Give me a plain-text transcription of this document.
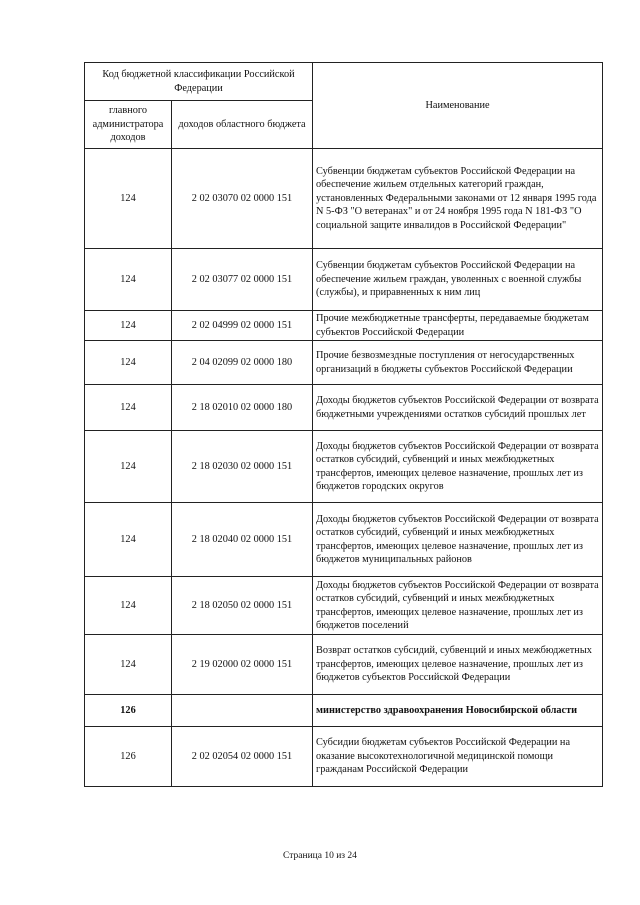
Код бюджетной классификации Российской Федерации		Наименование
главного администратора доходов	доходов областного бюджета	
124	2 02 03070 02 0000 151	Субвенции бюджетам субъектов Российской Федерации на обеспечение жильем отдельных категорий граждан, установленных Федеральными законами от 12 января 1995 года N 5-ФЗ "О ветеранах" и от 24 ноября 1995 года N 181-ФЗ "О социальной защите инвалидов в Российской Федерации"
124	2 02 03077 02 0000 151	Субвенции бюджетам субъектов Российской Федерации на обеспечение жильем граждан, уволенных с военной службы (службы), и приравненных к ним лиц
124	2 02 04999 02 0000 151	Прочие межбюджетные трансферты, передаваемые бюджетам субъектов Российской Федерации
124	2 04 02099 02 0000 180	Прочие безвозмездные поступления от негосударственных организаций в бюджеты субъектов Российской Федерации
124	2 18 02010 02 0000 180	Доходы бюджетов субъектов Российской Федерации от возврата бюджетными учреждениями остатков субсидий прошлых лет
124	2 18 02030 02 0000 151	Доходы бюджетов субъектов Российской Федерации от возврата остатков субсидий, субвенций и иных межбюджетных трансфертов, имеющих целевое назначение, прошлых лет из бюджетов городских округов
124	2 18 02040 02 0000 151	Доходы бюджетов субъектов Российской Федерации от возврата остатков субсидий, субвенций и иных межбюджетных трансфертов, имеющих целевое назначение, прошлых лет из бюджетов муниципальных районов
124	2 18 02050 02 0000 151	Доходы бюджетов субъектов Российской Федерации от возврата остатков субсидий, субвенций и иных межбюджетных трансфертов, имеющих целевое назначение, прошлых лет из бюджетов поселений
124	2 19 02000 02 0000 151	Возврат остатков субсидий, субвенций и иных межбюджетных трансфертов, имеющих целевое назначение, прошлых лет из бюджетов субъектов Российской Федерации
126		министерство здравоохранения Новосибирской области
126	2 02 02054 02 0000 151	Субсидии бюджетам субъектов Российской Федерации на оказание высокотехнологичной медицинской помощи гражданам Российской Федерации
Страница 10 из 24
